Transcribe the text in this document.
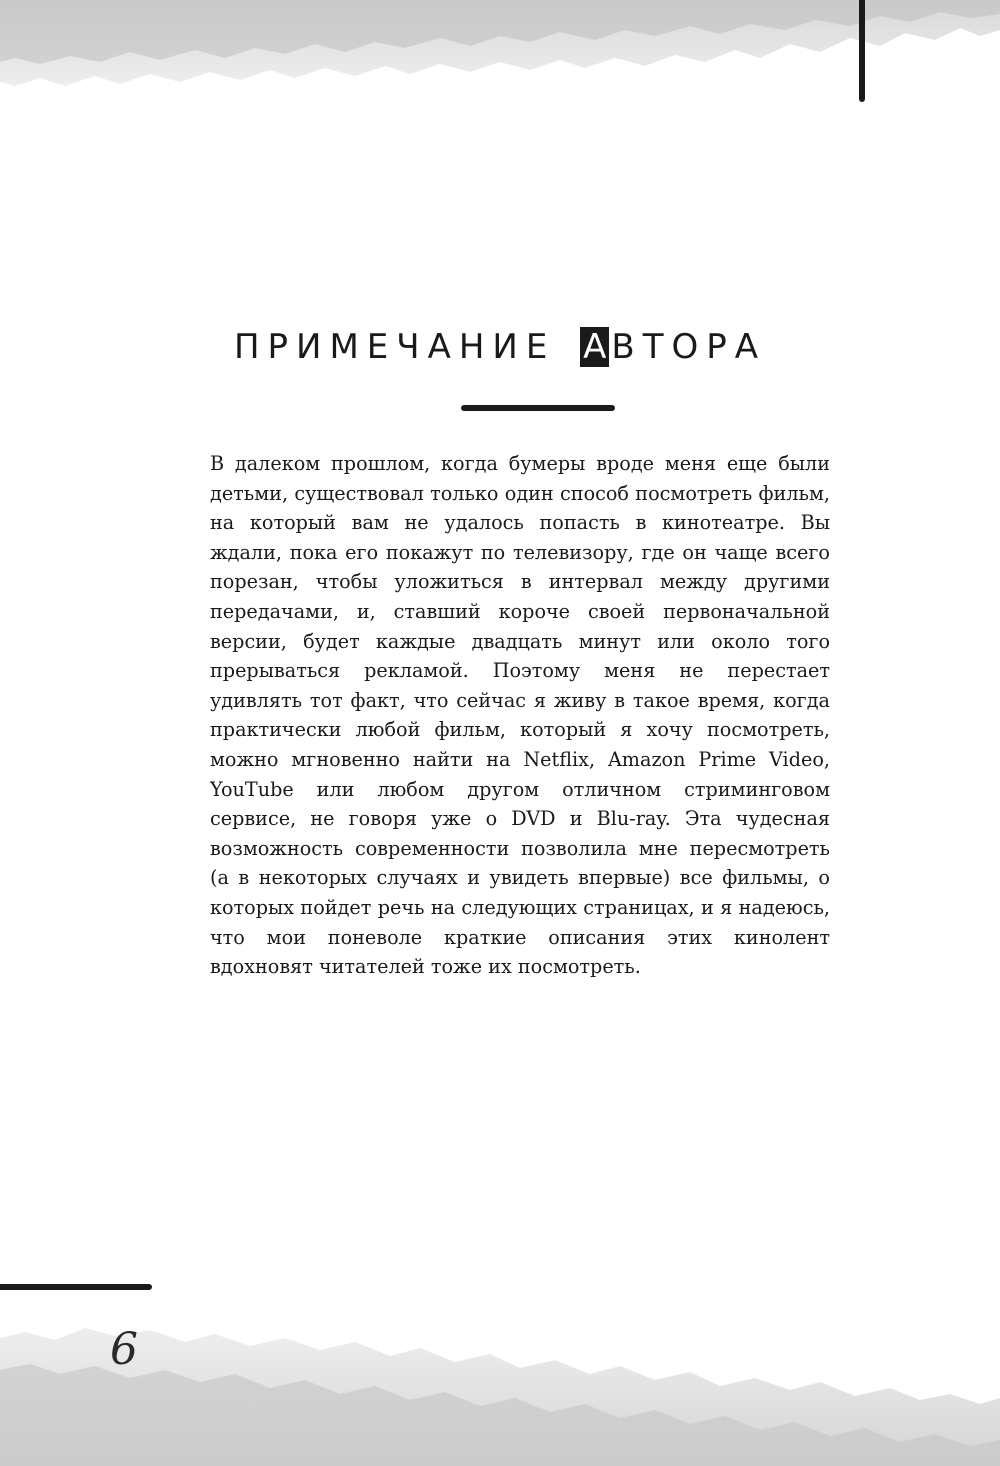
ПРИМЕЧАНИЕ А ВТОРА

В далеком прошлом, когда бумеры вроде меня еще были детьми, существовал только один способ посмотреть фильм, на который вам не удалось попасть в кинотеатре. Вы ждали, пока его покажут по телевизору, где он чаще всего порезан, чтобы уложиться в интервал между другими передачами, и, ставший короче своей первоначальной версии, будет каждые двадцать минут или около того прерываться рекламой. Поэтому меня не перестает удивлять тот факт, что сейчас я живу в такое время, когда практически любой фильм, который я хочу посмотреть, можно мгновенно найти на Netflix, Amazon Prime Video, YouTube или любом другом отличном стриминговом сервисе, не говоря уже о DVD и Blu-ray. Эта чудесная возможность современности позволила мне пересмотреть (а в некоторых случаях и увидеть впервые) все фильмы, о которых пойдет речь на следующих страницах, и я надеюсь, что мои поневоле краткие описания этих кинолент вдохновят читателей тоже их посмотреть.

6
